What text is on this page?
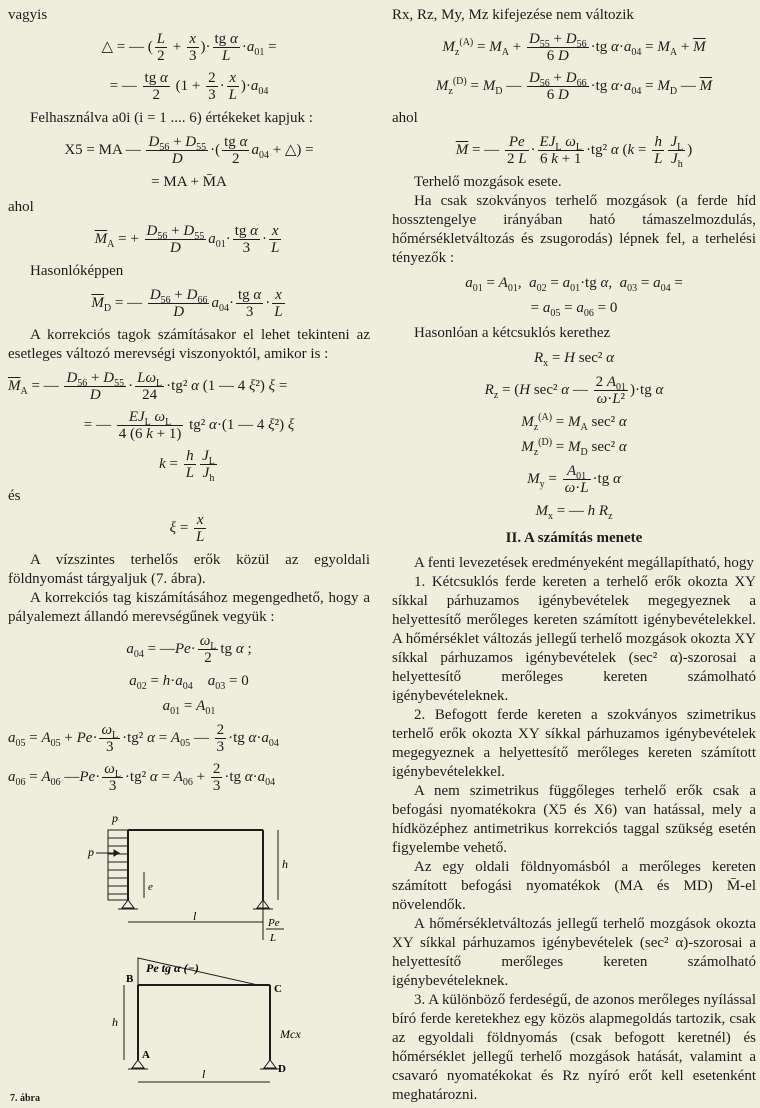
vagyis

△ = — ( $\frac{L}{2} + \frac{x}{3}$ )· $\frac{\text{tg α}}{L} \cdot a_{01}$ =
= — $\frac{\text{tg α}}{2} (1 + \frac{2}{3} \cdot \frac{x}{L} )\cdot a_{04}$

Felhasználva a0i (i = 1 .... 6) értékeket kapjuk :

X5 = MA — $\frac{D_{56} + D_{55}}{D}$ ·( $\frac{\text{tg α}}{2} a_{04}$ + △) =
= MA + M̄A

ahol

$\overline{M}_A$ = + $\frac{D_{56} + D_{55}}{D} a_{01}\cdot \frac{\text{tg α}}{3} \cdot \frac{x}{L}$

Hasonlóképpen

$\overline{M}_D$ = — $\frac{D_{56} + D_{66}}{D} a_{04}\cdot \frac{\text{tg α}}{3} \cdot \frac{x}{L}$

A korrekciós tagok számításakor el lehet tekinteni az esetleges változó merevségi viszonyoktól, amikor is :

$\overline{M}_A$ = — $\frac{D_{56} + D_{55}}{D} \cdot \frac{L\omega_L}{24} \cdot tg^2$ α (1 — 4 ξ²) ξ =
= — $\frac{EJ_L \omega_L}{4 (6 k + 1)} tg^2$ α·(1 — 4 ξ²) ξ
$k = \frac{h}{L} \frac{J_L}{J_h}$

és

$\xi = \frac{x}{L}$

A vízszintes terhelős erők közül az egyoldali földnyomást tárgyaljuk (7. ábra).

A korrekciós tag kiszámításához megengedhető, hogy a pályalemezt állandó merevségűnek vegyük :

$a_{04}$ = —Pe· $\frac{\omega_L}{2}$ tg α ;
$a_{02} = h\cdot a_{04}$ $a_{03} = 0$
$a_{01} = A_{01}$
$a_{05} = A_{05} + Pe\cdot \frac{\omega_L}{3} \cdot tg^2$ $\alpha = A_{05}$ — $\frac{2}{3} \cdot tg$ $\alpha\cdot a_{04}$
$a_{06} = A_{06}$ —Pe· $\frac{\omega_L}{3} \cdot tg^2$ $\alpha = A_{06} + \frac{2}{3} \cdot tg$ $\alpha\cdot a_{04}$
p
p
e
h
l	Pe
L
Pe tg α (−)
B
C
h
A
D
Mcx
l
7. ábra

Rx, Rz, My, Mz kifejezése nem változik

$M_z^{(A)} = M_A + \frac{D_{55} + D_{56}}{6 D} \cdot tg$ $\alpha\cdot a_{04} = M_A + \overline{M}$
$M_z^{(D)} = M_D$ — $\frac{D_{56} + D_{66}}{6 D} \cdot tg$ $\alpha\cdot a_{04} = M_D$ — $\overline{M}$

ahol

$\overline{M}$ = — $\frac{Pe}{2 L} \cdot \frac{EJ_L \omega_L}{6 k + 1} \cdot tg^2$ α ($k = \frac{h}{L} \frac{J_L}{J_h}$ )

Terhelő mozgások esete.

Ha csak szokványos terhelő mozgások (a ferde híd hossztengelye irányában ható támaszelmozdulás, hőmérsékletváltozás és zsugorodás) lépnek fel, a terhelési tényezők :

$a_{01} = A_{01}$,  $a_{02} = a_{01}\cdot tg$ α,  $a_{03} = a_{04}$ =
= $a_{05} = a_{06} = 0$

Hasonlóan a kétcsuklós kerethez

$R_x = H$ sec² α
$R_z = (H$ sec² α — $\frac{2 A_{01}}{\text{ω·L²}} )\cdot tg$ α
$M_z^{(A)} = M_A$ sec² α
$M_z^{(D)} = M_D$ sec² α
$M_y = \frac{A_{01}}{\omega\cdot L} \cdot tg$ α
$M_x$ = — h $R_z$
II. A számítás menete

A fenti levezetések eredményeként megállapítható, hogy

1. Kétcsuklós ferde kereten a terhelő erők okozta XY síkkal párhuzamos igénybevételek megegyeznek a helyettesítő merőleges kereten számított igénybevételekkel. A hőmérséklet változás jellegű terhelő mozgások okozta XY síkkal párhuzamos igénybevételek (sec² α)-szorosai a helyettesítő merőleges kereten számolható igénybevételeknek.

2. Befogott ferde kereten a szokványos szimetrikus terhelő erők okozta XY síkkal párhuzamos igénybevételek megegyeznek a helyettesítő merőleges kereten számított igénybevételekkel.

A nem szimetrikus függőleges terhelő erők csak a befogási nyomatékokra (X5 és X6) van hatással, mely a hídközéphez antimetrikus korrekciós taggal szükség esetén figyelembe vehető.

Az egy oldali földnyomásból a merőleges kereten számított befogási nyomatékok (MA és MD) M̄-el növelendők.

A hőmérsékletváltozás jellegű terhelő mozgások okozta XY síkkal párhuzamos igénybevételek (sec² α)-szorosai a helyettesítő merőleges kereten számolható igénybevételeknek.

3. A különböző ferdeségű, de azonos merőleges nyílással bíró ferde keretekhez egy közös alapmegoldás tartozik, csak az egyoldali földnyomás (csak befogott keretnél) és hőmérséklet jellegű terhelő mozgások hatását, valamint a csavaró nyomatékokat és Rz nyíró erőt kell esetenként meghatározni.
